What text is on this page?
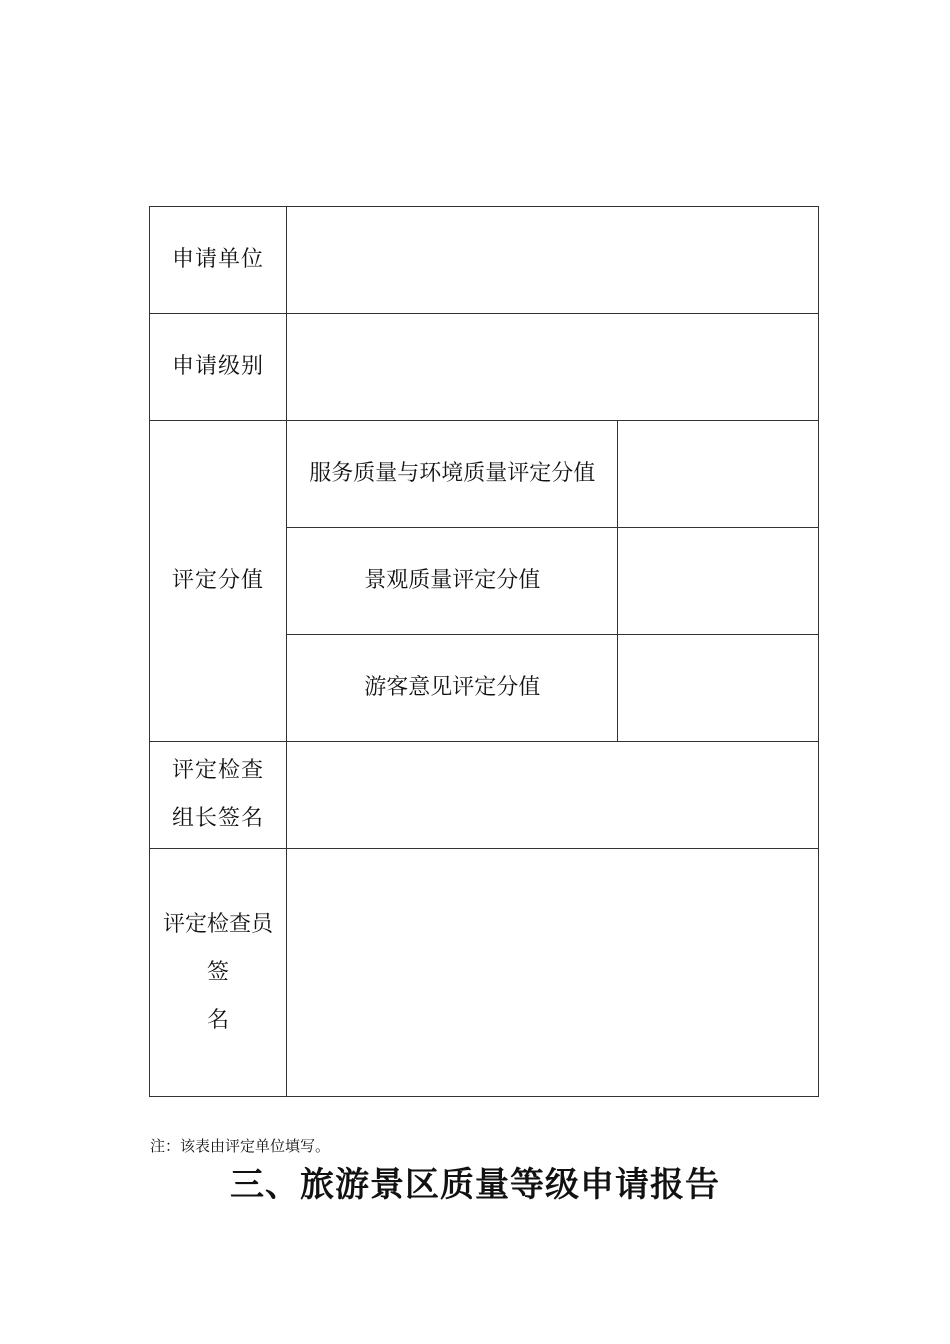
申请单位		
申请级别		
评定分值	服务质量与环境质量评定分值	
	景观质量评定分值	
	游客意见评定分值	

评定检查
组长签名		

评定检查员
签
名		

注：该表由评定单位填写。
三、旅游景区质量等级申请报告
